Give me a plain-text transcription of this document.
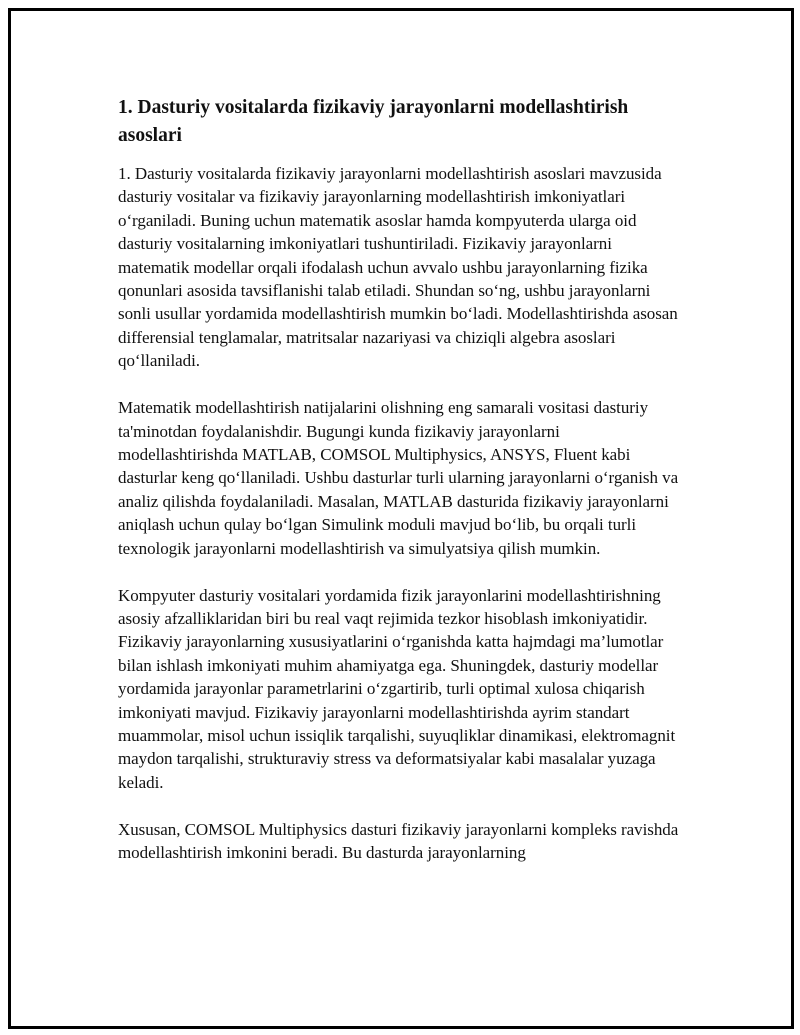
1. Dasturiy vositalarda fizikaviy jarayonlarni modellashtirish asoslari

1. Dasturiy vositalarda fizikaviy jarayonlarni modellashtirish asoslari mavzusida dasturiy vositalar va fizikaviy jarayonlarning modellashtirish imkoniyatlari o‘rganiladi. Buning uchun matematik asoslar hamda kompyuterda ularga oid dasturiy vositalarning imkoniyatlari tushuntiriladi. Fizikaviy jarayonlarni matematik modellar orqali ifodalash uchun avvalo ushbu jarayonlarning fizika qonunlari asosida tavsiflanishi talab etiladi. Shundan so‘ng, ushbu jarayonlarni sonli usullar yordamida modellashtirish mumkin bo‘ladi. Modellashtirishda asosan differensial tenglamalar, matritsalar nazariyasi va chiziqli algebra asoslari qo‘llaniladi.

Matematik modellashtirish natijalarini olishning eng samarali vositasi dasturiy ta'minotdan foydalanishdir. Bugungi kunda fizikaviy jarayonlarni modellashtirishda MATLAB, COMSOL Multiphysics, ANSYS, Fluent kabi dasturlar keng qo‘llaniladi. Ushbu dasturlar turli ularning jarayonlarni o‘rganish va analiz qilishda foydalaniladi. Masalan, MATLAB dasturida fizikaviy jarayonlarni aniqlash uchun qulay bo‘lgan Simulink moduli mavjud bo‘lib, bu orqali turli texnologik jarayonlarni modellashtirish va simulyatsiya qilish mumkin.

Kompyuter dasturiy vositalari yordamida fizik jarayonlarini modellashtirishning asosiy afzalliklaridan biri bu real vaqt rejimida tezkor hisoblash imkoniyatidir. Fizikaviy jarayonlarning xususiyatlarini o‘rganishda katta hajmdagi ma’lumotlar bilan ishlash imkoniyati muhim ahamiyatga ega. Shuningdek, dasturiy modellar yordamida jarayonlar parametrlarini o‘zgartirib, turli optimal xulosa chiqarish imkoniyati mavjud. Fizikaviy jarayonlarni modellashtirishda ayrim standart muammolar, misol uchun issiqlik tarqalishi, suyuqliklar dinamikasi, elektromagnit maydon tarqalishi, strukturaviy stress va deformatsiyalar kabi masalalar yuzaga keladi.

Xususan, COMSOL Multiphysics dasturi fizikaviy jarayonlarni kompleks ravishda modellashtirish imkonini beradi. Bu dasturda jarayonlarning
